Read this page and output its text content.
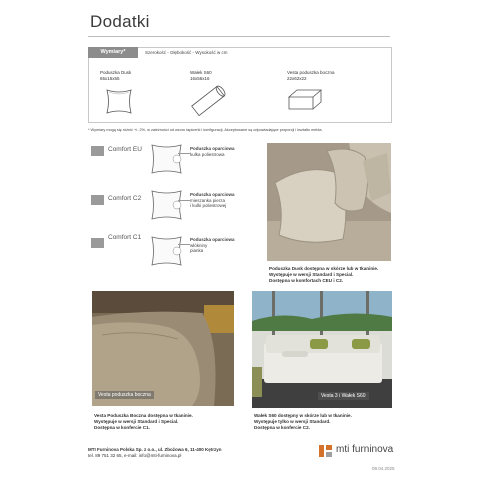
Dodatki
Wymiary*	Szerokość - Głębokość - Wysokość w cm
Poduszka Dusk
65x15x55
Wałek S60
16x56x16
Vesta poduszka boczna
22x62x22
* Wymiary mogą się różnić +/- 2%, w zależności od wzoru tapicerki i konfiguracji. Akceptowane są odpowiadające proporcji i kształtu mebla.
Comfort EU	Poduszka oparciowa
kulka poliestrowa
Comfort C2
Poduszka oparciowa
mieszanka pierza
i kulki poliestrowej
Comfort C1	Poduszka oparciowa
włókniny
pianka
Poduszka Dusk dostępna w skórze lub w tkaninie.
Występuje w wersji Standard i Special.
Dostępna w komfortach CEU i C2.
Vesta poduszka boczna
Vesta Poduszka Boczna dostępna w tkaninie.
Występuje w wersji Standard i Special.
Dostępna w konfercie C1.
Vesta 3 i Wałek S60
Wałek S60 dostępny w skórze lub w tkaninie.
Występuje tylko w wersji Standard.
Dostępna w konfercie C2.
MTI Furninova Polska Sp. z o.o., ul. Zbożowa 6, 11-400 Kętrzyn
tel. 89 751 32 65, e-mail: info@mti-furninova.pl
mti furninova
09.04.2025
